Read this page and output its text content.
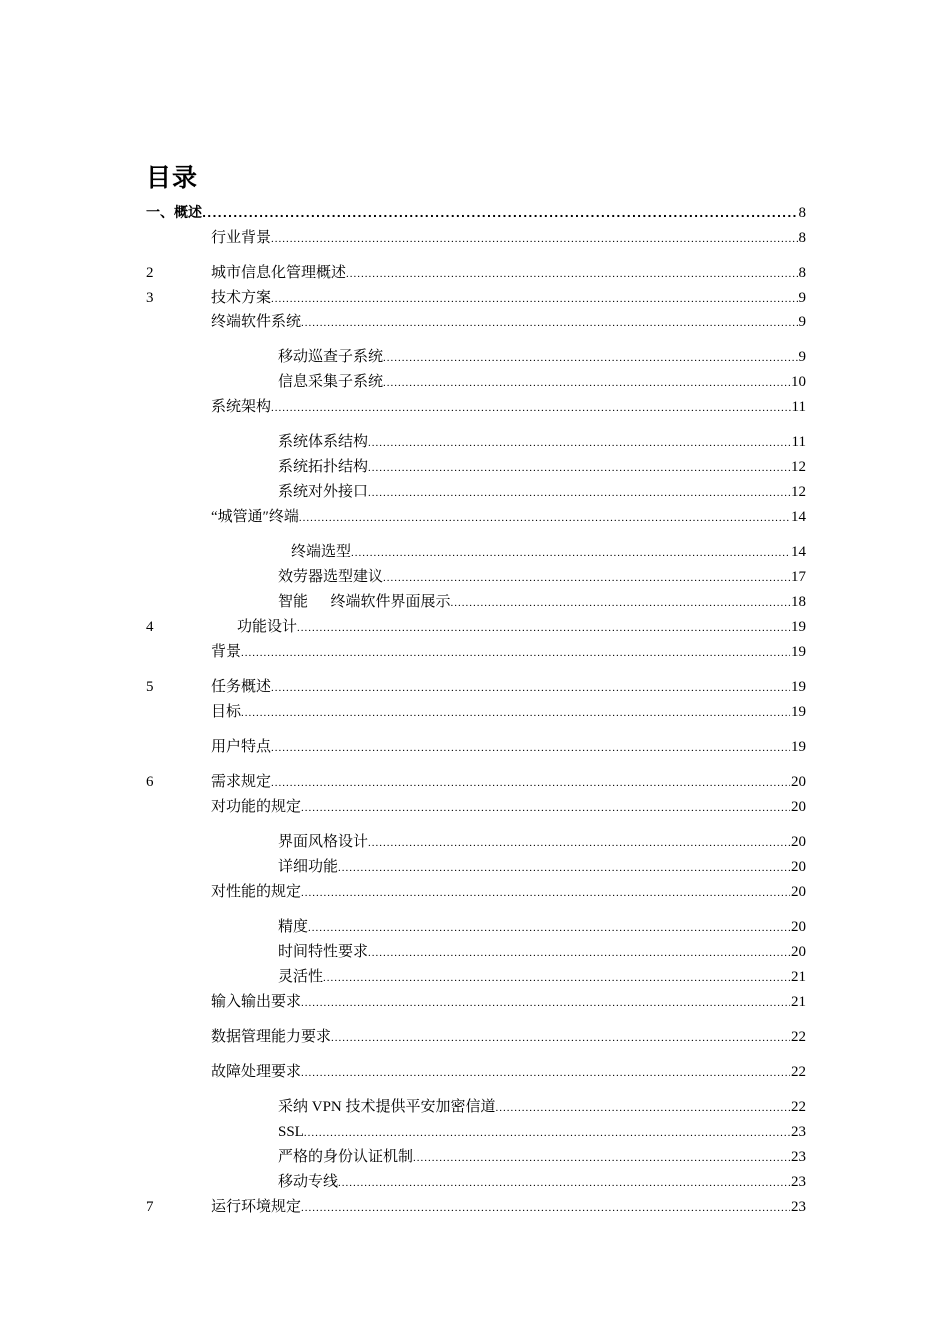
目录
一、概述 .....	8
行业背景 .....	8
2	城市信息化管理概述 .....	8
3	技术方案 .....	9
终端软件系统 .....	9
移动巡查子系统 .....	9
信息采集子系统 .....	10
系统架构 .....	11
系统体系结构 .....	11
系统拓扑结构 .....	12
系统对外接口 .....	12
“城管通″终端 .....	14
终端选型 .....	14
效劳器选型建议 .....	17
智能      终端软件界面展示 .....	18
4	功能设计 .....	19
背景 .....	19
5	任务概述 .....	19
目标 .....	19
用户特点 .....	19
6	需求规定 .....	20
对功能的规定 .....	20
界面风格设计 .....	20
详细功能 .....	20
对性能的规定 .....	20
精度 .....	20
时间特性要求 .....	20
灵活性 .....	21
输入输出要求 .....	21
数据管理能力要求 .....	22
故障处理要求 .....	22
采纳 VPN 技术提供平安加密信道 .....	22
SSL .....	23
严格的身份认证机制 .....	23
移动专线 .....	23
7	运行环境规定 .....	23
